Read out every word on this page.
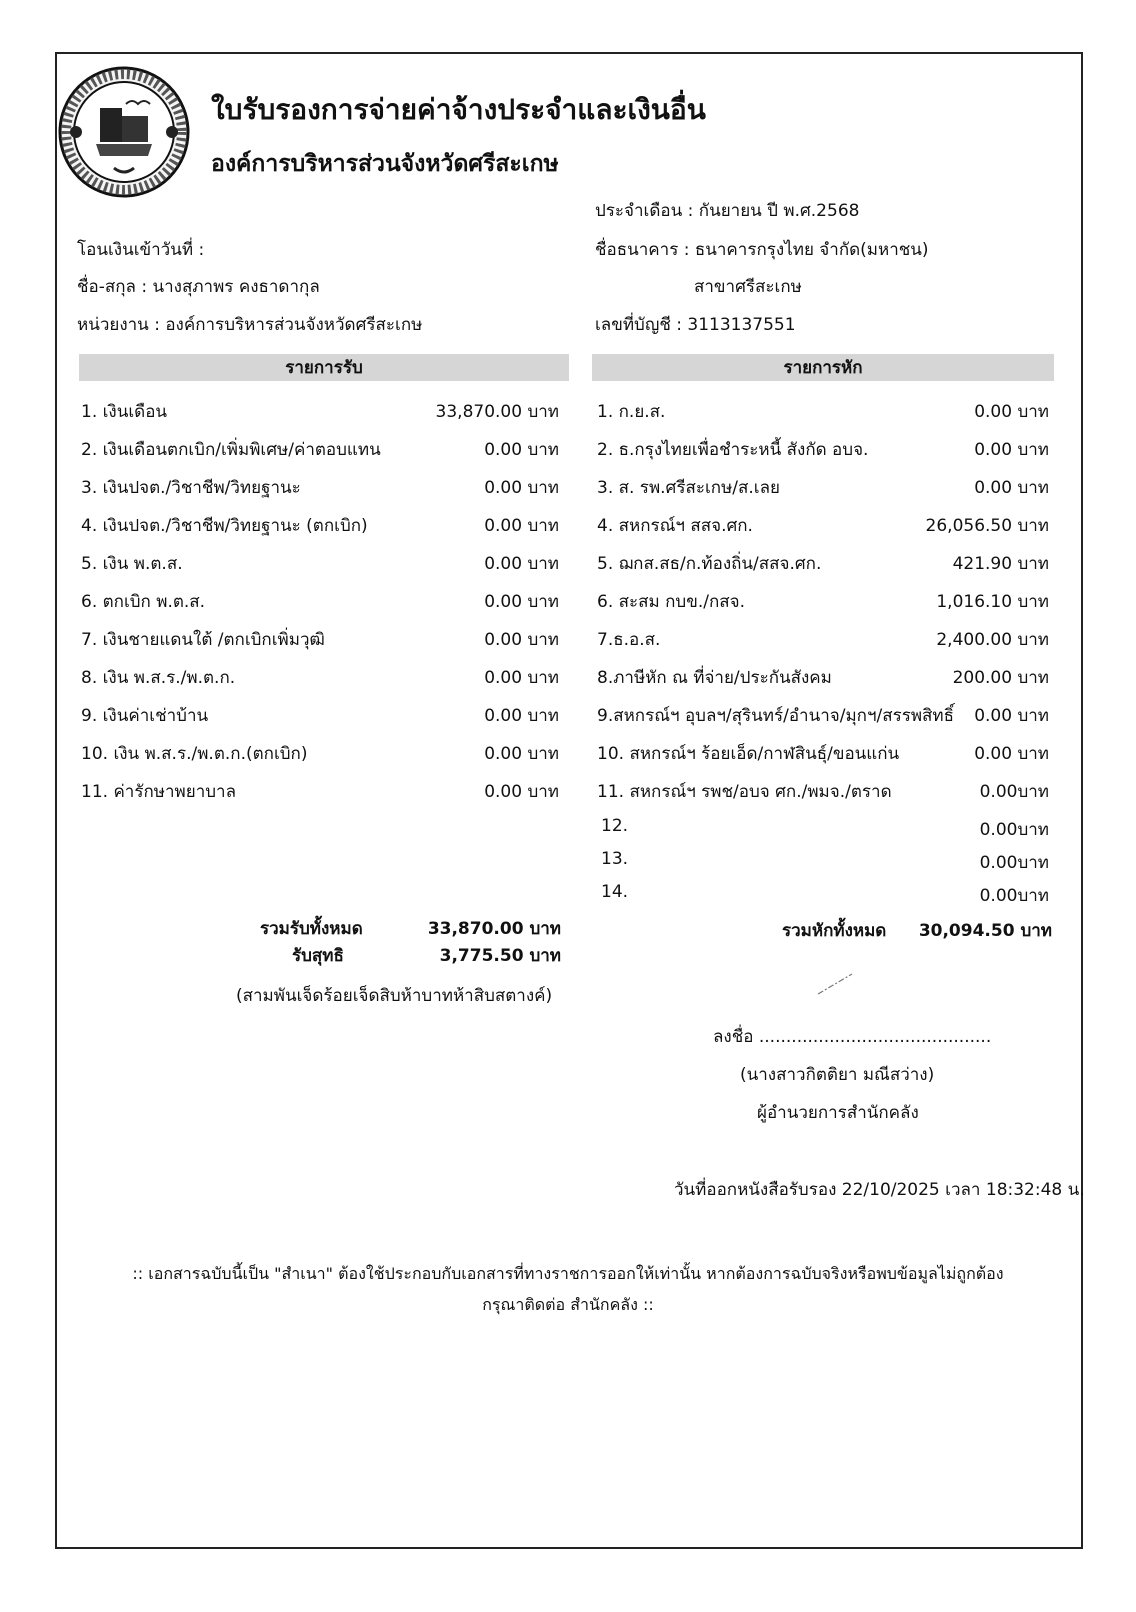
ใบรับรองการจ่ายค่าจ้างประจำและเงินอื่น
องค์การบริหารส่วนจังหวัดศรีสะเกษ
ประจำเดือน : กันยายน ปี พ.ศ.2568
โอนเงินเข้าวันที่ :	ชื่อธนาคาร : ธนาคารกรุงไทย จำกัด(มหาชน)
ชื่อ-สกุล : นางสุภาพร คงธาดากุล	สาขาศรีสะเกษ
หน่วยงาน : องค์การบริหารส่วนจังหวัดศรีสะเกษ	เลขที่บัญชี : 3113137551
รายการรับ	รายการหัก
1. เงินเดือน	33,870.00 บาท
2. เงินเดือนตกเบิก/เพิ่มพิเศษ/ค่าตอบแทน	0.00 บาท
3. เงินปจต./วิชาชีพ/วิทยฐานะ	0.00 บาท
4. เงินปจต./วิชาชีพ/วิทยฐานะ (ตกเบิก)	0.00 บาท
5. เงิน พ.ต.ส.	0.00 บาท
6. ตกเบิก พ.ต.ส.	0.00 บาท
7. เงินชายแดนใต้ /ตกเบิกเพิ่มวุฒิ	0.00 บาท
8. เงิน พ.ส.ร./พ.ต.ก.	0.00 บาท
9. เงินค่าเช่าบ้าน	0.00 บาท
10. เงิน พ.ส.ร./พ.ต.ก.(ตกเบิก)	0.00 บาท
11. ค่ารักษาพยาบาล	0.00 บาท
รวมรับทั้งหมด	33,870.00 บาท
รับสุทธิ	3,775.50 บาท
(สามพันเจ็ดร้อยเจ็ดสิบห้าบาทห้าสิบสตางค์)
1. ก.ย.ส.	0.00 บาท
2. ธ.กรุงไทยเพื่อชำระหนี้ สังกัด อบจ.	0.00 บาท
3. ส. รพ.ศรีสะเกษ/ส.เลย	0.00 บาท
4. สหกรณ์ฯ สสจ.ศก.	26,056.50 บาท
5. ฌกส.สธ/ก.ท้องถิ่น/สสจ.ศก.	421.90 บาท
6. สะสม กบข./กสจ.	1,016.10 บาท
7.ธ.อ.ส.	2,400.00 บาท
8.ภาษีหัก ณ ที่จ่าย/ประกันสังคม	200.00 บาท
9.สหกรณ์ฯ อุบลฯ/สุรินทร์/อำนาจ/มุกฯ/สรรพสิทธิ์ 0.00 บาท
10. สหกรณ์ฯ ร้อยเอ็ด/กาฬสินธุ์/ขอนแก่น	0.00 บาท
11. สหกรณ์ฯ รพช/อบจ ศก./พมจ./ตราด	0.00บาท
12.	0.00บาท
13.	0.00บาท
14.	0.00บาท
รวมหักทั้งหมด 30,094.50 บาท
ลงชื่อ ...........................................
(นางสาวกิตติยา มณีสว่าง)
ผู้อำนวยการสำนักคลัง
วันที่ออกหนังสือรับรอง 22/10/2025 เวลา 18:32:48 น.
:: เอกสารฉบับนี้เป็น "สำเนา" ต้องใช้ประกอบกับเอกสารที่ทางราชการออกให้เท่านั้น หากต้องการฉบับจริงหรือพบข้อมูลไม่ถูกต้อง
กรุณาติดต่อ สำนักคลัง ::
